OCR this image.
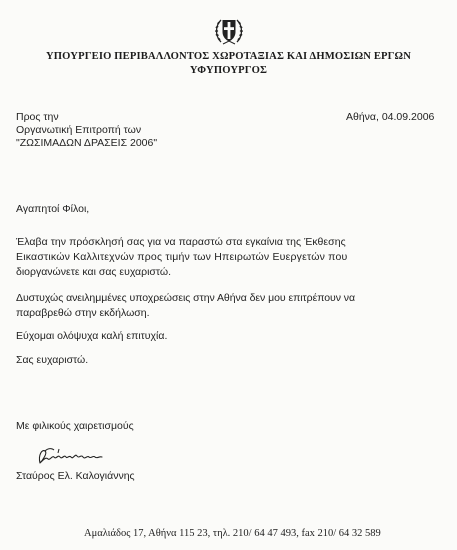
ΥΠΟΥΡΓΕΙΟ ΠΕΡΙΒΑΛΛΟΝΤΟΣ ΧΩΡΟΤΑΞΙΑΣ ΚΑΙ ΔΗΜΟΣΙΩΝ ΕΡΓΩΝ
ΥΦΥΠΟΥΡΓΟΣ
Προς την
Οργανωτική Επιτροπή των
"ΖΩΣΙΜΑΔΩΝ ΔΡΑΣΕΙΣ 2006"
Αθήνα, 04.09.2006
Αγαπητοί Φίλοι,
Έλαβα την πρόσκλησή σας για να παραστώ στα εγκαίνια της Έκθεσης
Εικαστικών Καλλιτεχνών προς τιμήν των Ηπειρωτών Ευεργετών που
διοργανώνετε και σας ευχαριστώ.
Δυστυχώς ανειλημμένες υποχρεώσεις στην Αθήνα δεν μου επιτρέπουν να
παραβρεθώ στην εκδήλωση.
Εύχομαι ολόψυχα καλή επιτυχία.
Σας ευχαριστώ.
Με φιλικούς χαιρετισμούς
Σταύρος Ελ. Καλογιάννης
Αμαλιάδος 17, Αθήνα 115 23, τηλ. 210/ 64 47 493, fax 210/ 64 32 589
